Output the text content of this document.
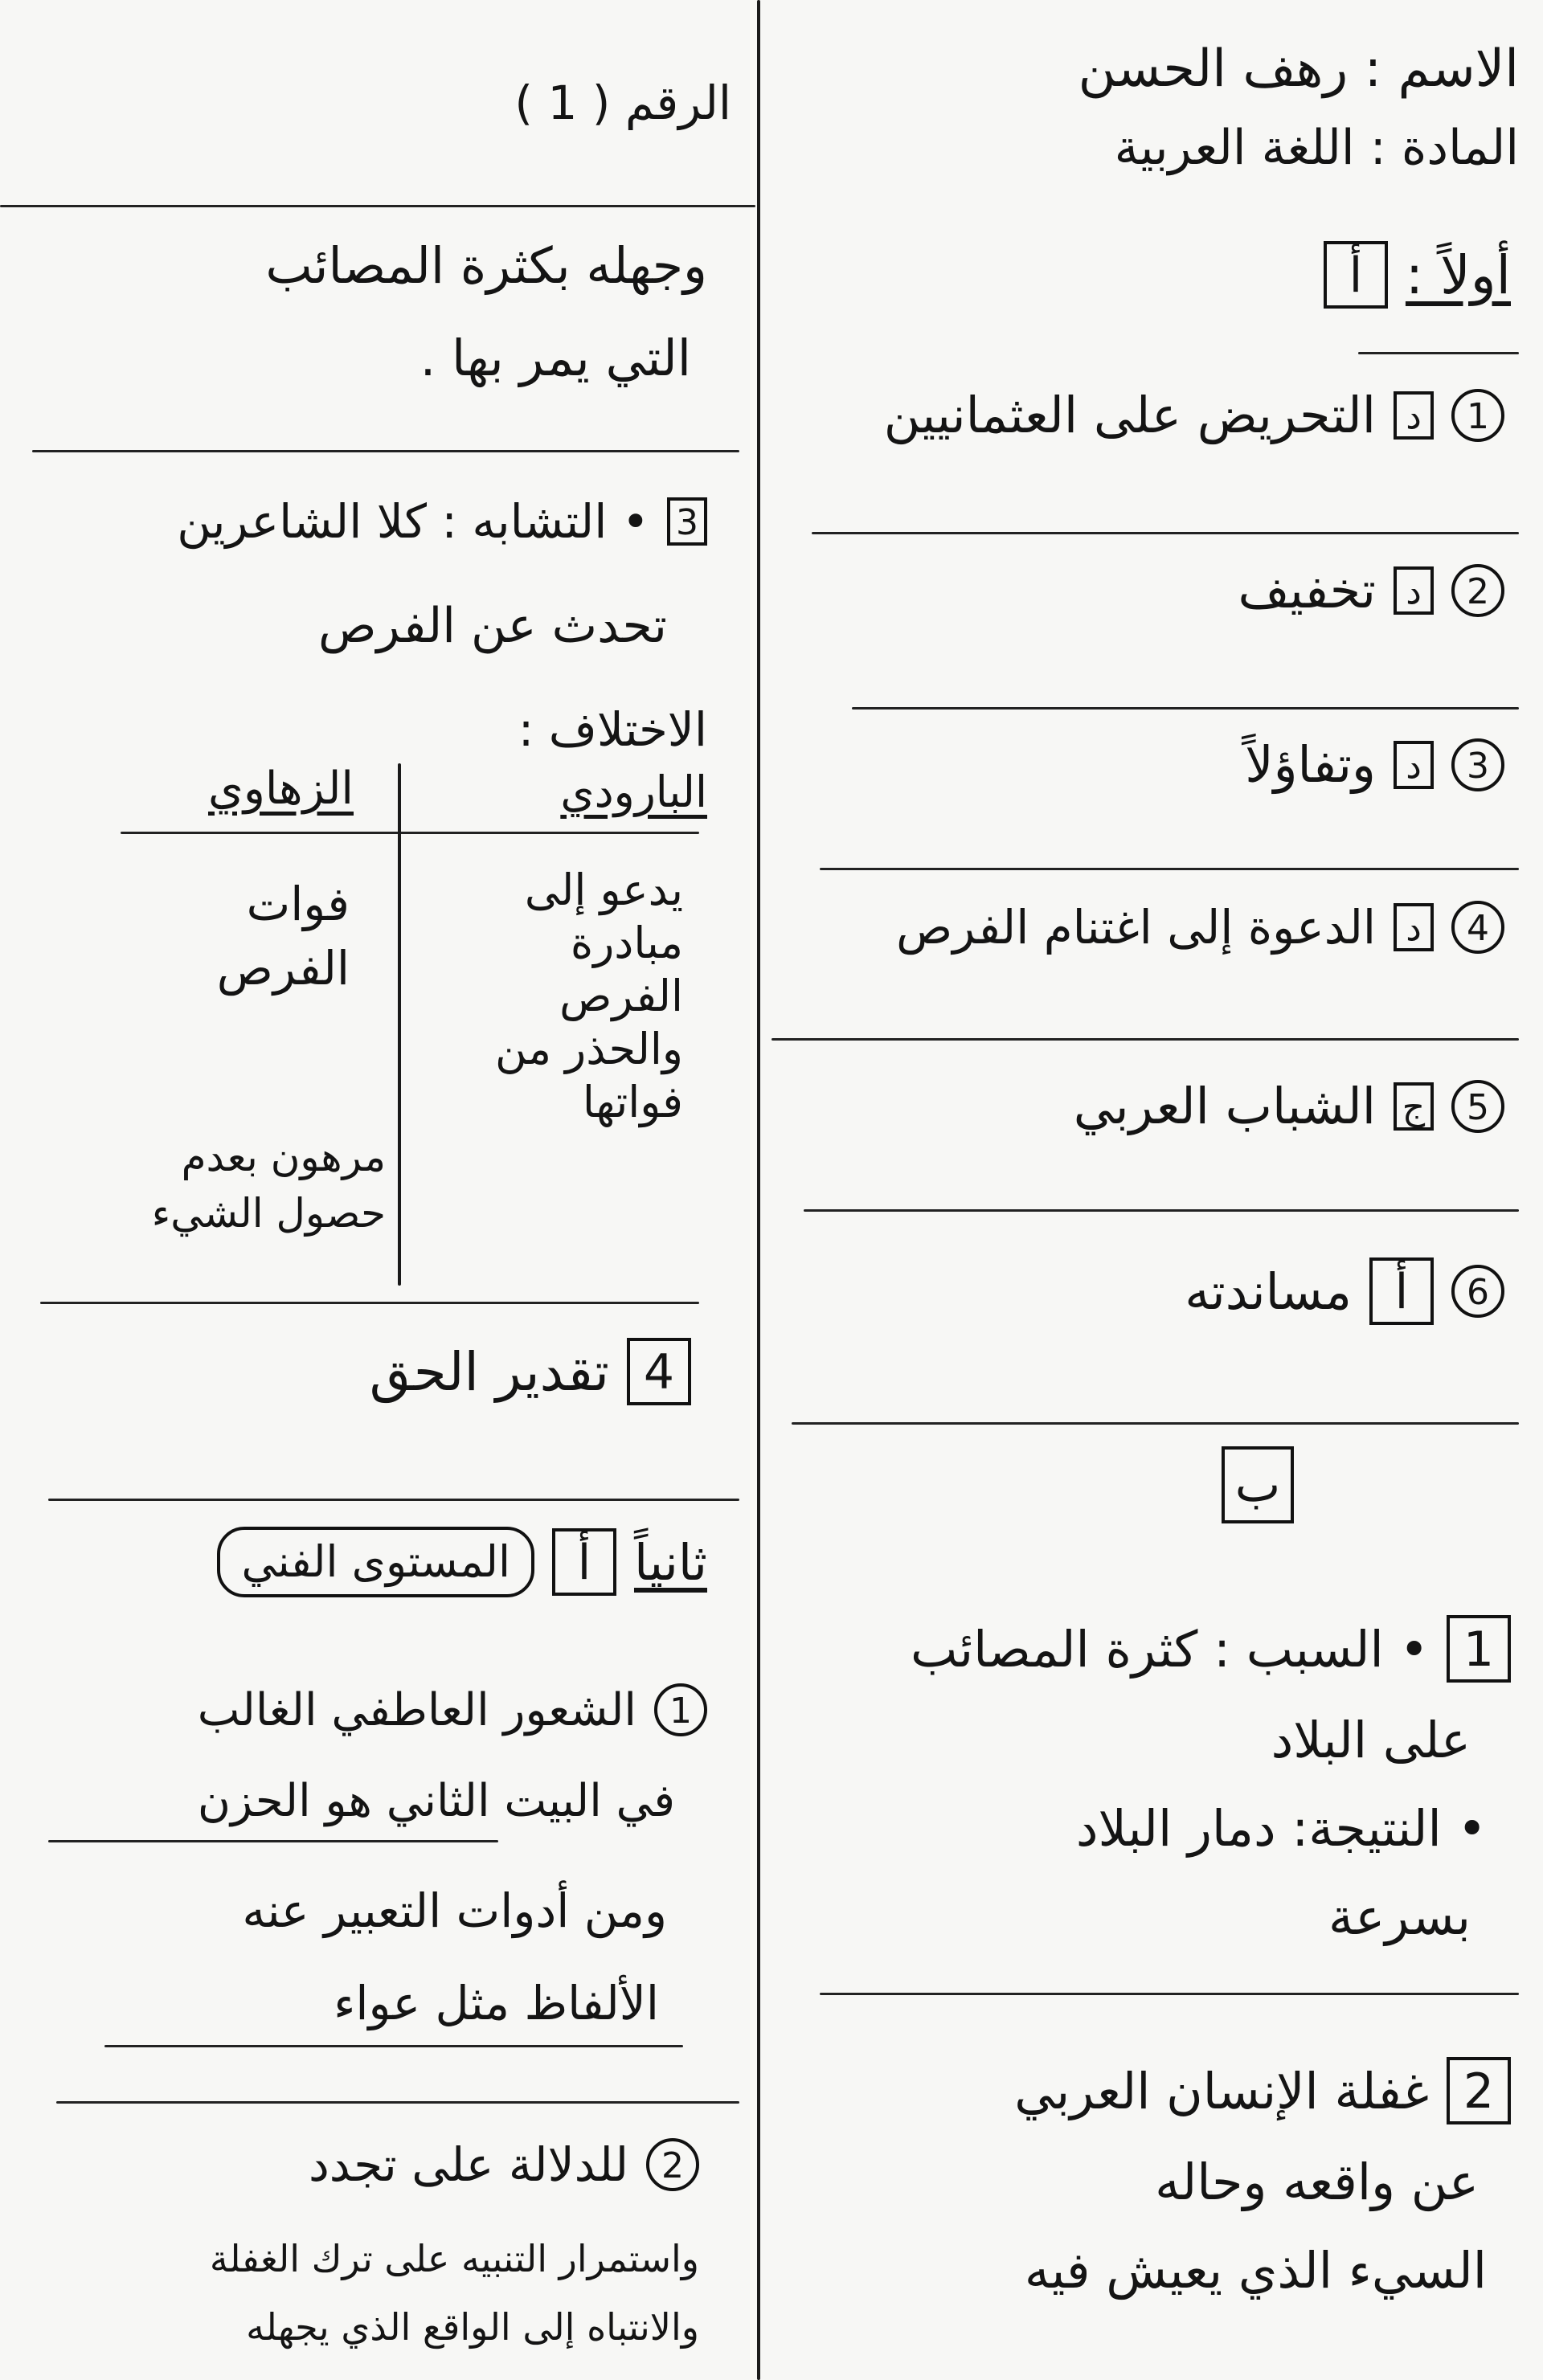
الاسم : رهف الحسن
المادة : اللغة العربية
الرقم ( 1 )
أولاً :
أ
1
د
التحريض على العثمانيين
2
د
تخفيف
3
د
وتفاؤلاً
4
د
الدعوة إلى اغتنام الفرص
5
ج
الشباب العربي
6
أ
مساندته
ب
1
• السبب : كثرة المصائب
على البلاد
• النتيجة: دمار البلاد
بسرعة
2
غفلة الإنسان العربي
عن واقعه وحاله
السيء الذي يعيش فيه
وجهله بكثرة المصائب
التي يمر بها .
3
• التشابه : كلا الشاعرين
تحدث عن الفرص
الاختلاف :
البارودي
الزهاوي
يدعو إلى
مبادرة
الفرص
والحذر من
فواتها
فوات
الفرص
مرهون بعدم
حصول الشيء
4
تقدير الحق
ثانياً
أ
المستوى الفني
1
الشعور العاطفي الغالب
في البيت الثاني هو الحزن
ومن أدوات التعبير عنه
الألفاظ مثل عواء
2
للدلالة على تجدد
واستمرار التنبيه على ترك الغفلة
والانتباه إلى الواقع الذي يجهله
